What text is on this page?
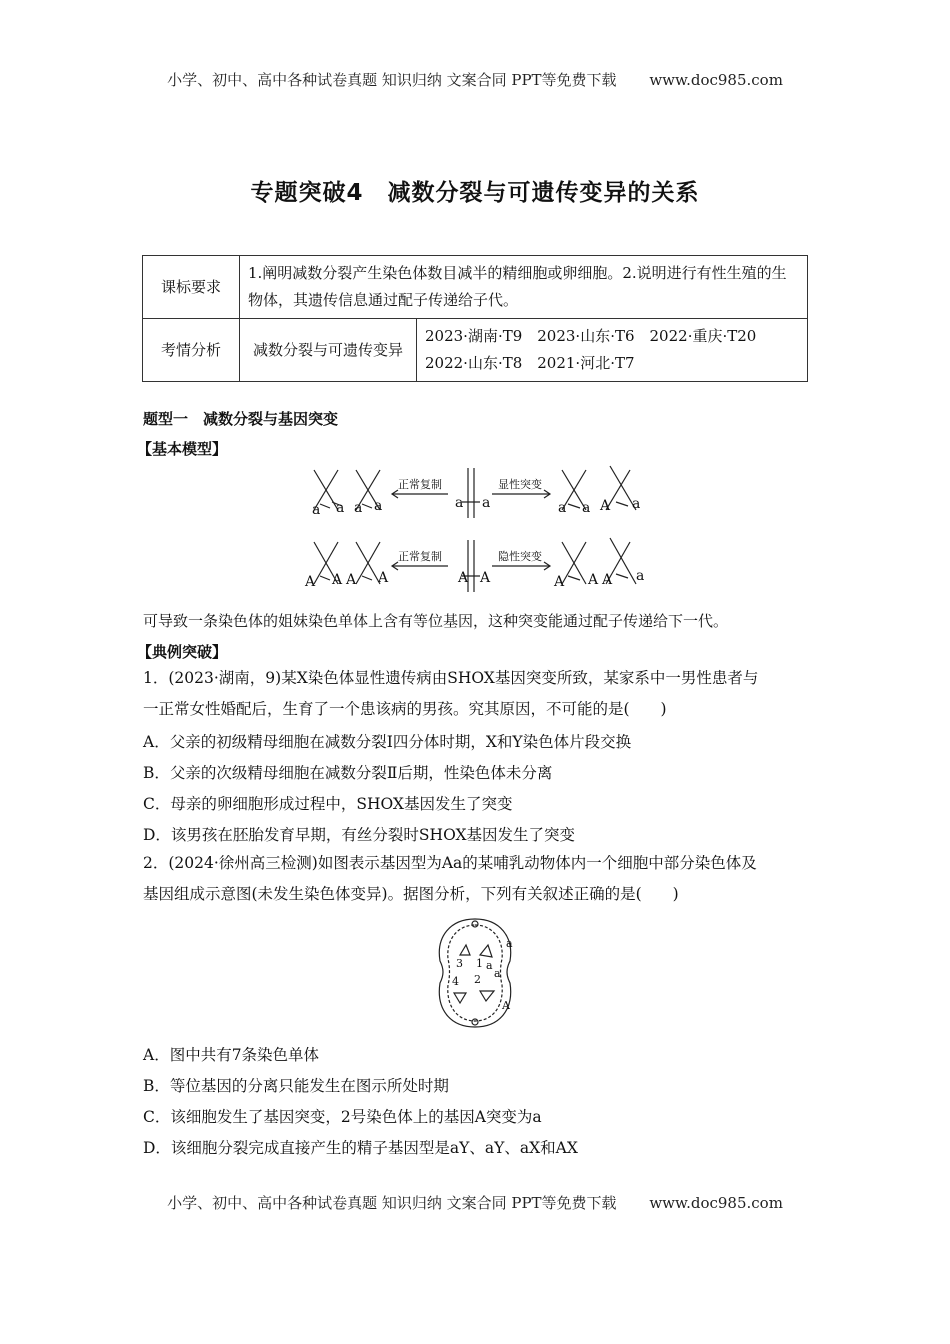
小学、初中、高中各种试卷真题 知识归纳 文案合同 PPT等免费下载 www.doc985.com
专题突破4　减数分裂与可遗传变异的关系
课标要求	1.阐明减数分裂产生染色体数目减半的精细胞或卵细胞。2.说明进行有性生殖的生物体，其遗传信息通过配子传递给子代。	
考情分析	减数分裂与可遗传变异	2023·湖南·T9　2023·山东·T6　2022·重庆·T20
2022·山东·T8　2021·河北·T7
题型一　减数分裂与基因突变
【基本模型】
a a a a	a a	a a A a
A A A A	A A	A A A a
正常复制	显性突变
正常复制	隐性突变
可导致一条染色体的姐妹染色单体上含有等位基因，这种突变能通过配子传递给下一代。
【典例突破】
1．(2023·湖南，9)某X染色体显性遗传病由SHOX基因突变所致，某家系中一男性患者与
一正常女性婚配后，生育了一个患该病的男孩。究其原因，不可能的是(　　)
A．父亲的初级精母细胞在减数分裂Ⅰ四分体时期，X和Y染色体片段交换
B．父亲的次级精母细胞在减数分裂Ⅱ后期，性染色体未分离
C．母亲的卵细胞形成过程中，SHOX基因发生了突变
D．该男孩在胚胎发育早期，有丝分裂时SHOX基因发生了突变
2．(2024·徐州高三检测)如图表示基因型为Aa的某哺乳动物体内一个细胞中部分染色体及
基因组成示意图(未发生染色体变异)。据图分析，下列有关叙述正确的是(　　)
3 1
4 2
a
a
a
A
A．图中共有7条染色单体
B．等位基因的分离只能发生在图示所处时期
C．该细胞发生了基因突变，2号染色体上的基因A突变为a
D．该细胞分裂完成直接产生的精子基因型是aY、aY、aX和AX
小学、初中、高中各种试卷真题 知识归纳 文案合同 PPT等免费下载 www.doc985.com
